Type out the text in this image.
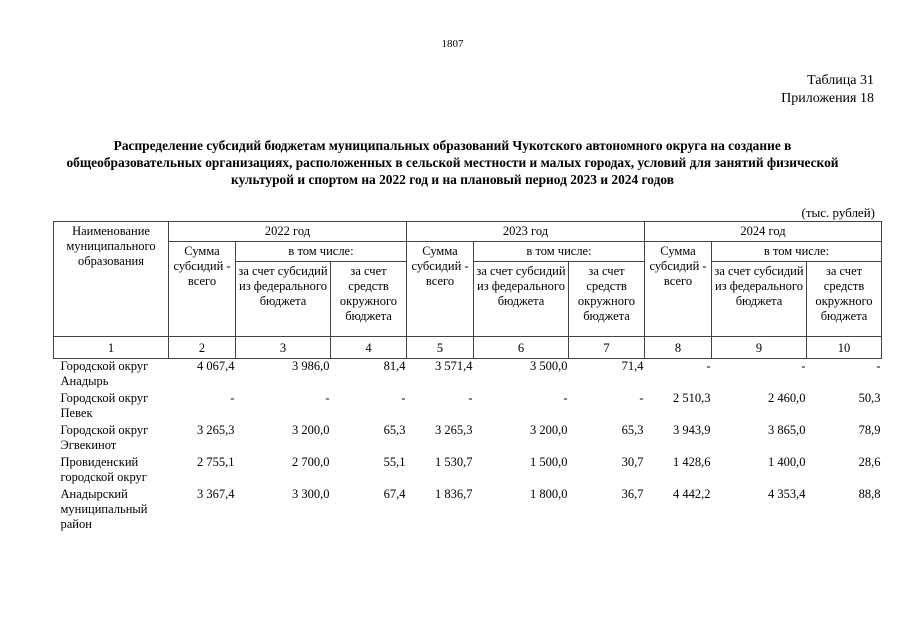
1807
Таблица 31
Приложения 18
Распределение субсидий бюджетам муниципальных образований Чукотского автономного округа на создание в общеобразовательных организациях, расположенных в сельской местности и малых городах, условий для занятий физической культурой и спортом на 2022 год и на плановый период 2023 и 2024 годов
(тыс. рублей)
Наименование муниципального образования	2022 год			2023 год			2024 год		
	Сумма субсидий - всего	в том числе:		Сумма субсидий - всего	в том числе:		Сумма субсидий - всего	в том числе:	
		за счет субсидий из федерального бюджета	за счет средств окружного бюджета		за счет субсидий из федерального бюджета	за счет средств окружного бюджета		за счет субсидий из федерального бюджета	за счет средств окружного бюджета
1	2	3	4	5	6	7	8	9	10
Городской округ Анадырь	4 067,4	3 986,0	81,4	3 571,4	3 500,0	71,4	-	-	-
Городской округ Певек	-	-	-	-	-	-	2 510,3	2 460,0	50,3
Городской округ Эгвекинот	3 265,3	3 200,0	65,3	3 265,3	3 200,0	65,3	3 943,9	3 865,0	78,9
Провиденский городской округ	2 755,1	2 700,0	55,1	1 530,7	1 500,0	30,7	1 428,6	1 400,0	28,6
Анадырский муниципальный район	3 367,4	3 300,0	67,4	1 836,7	1 800,0	36,7	4 442,2	4 353,4	88,8
